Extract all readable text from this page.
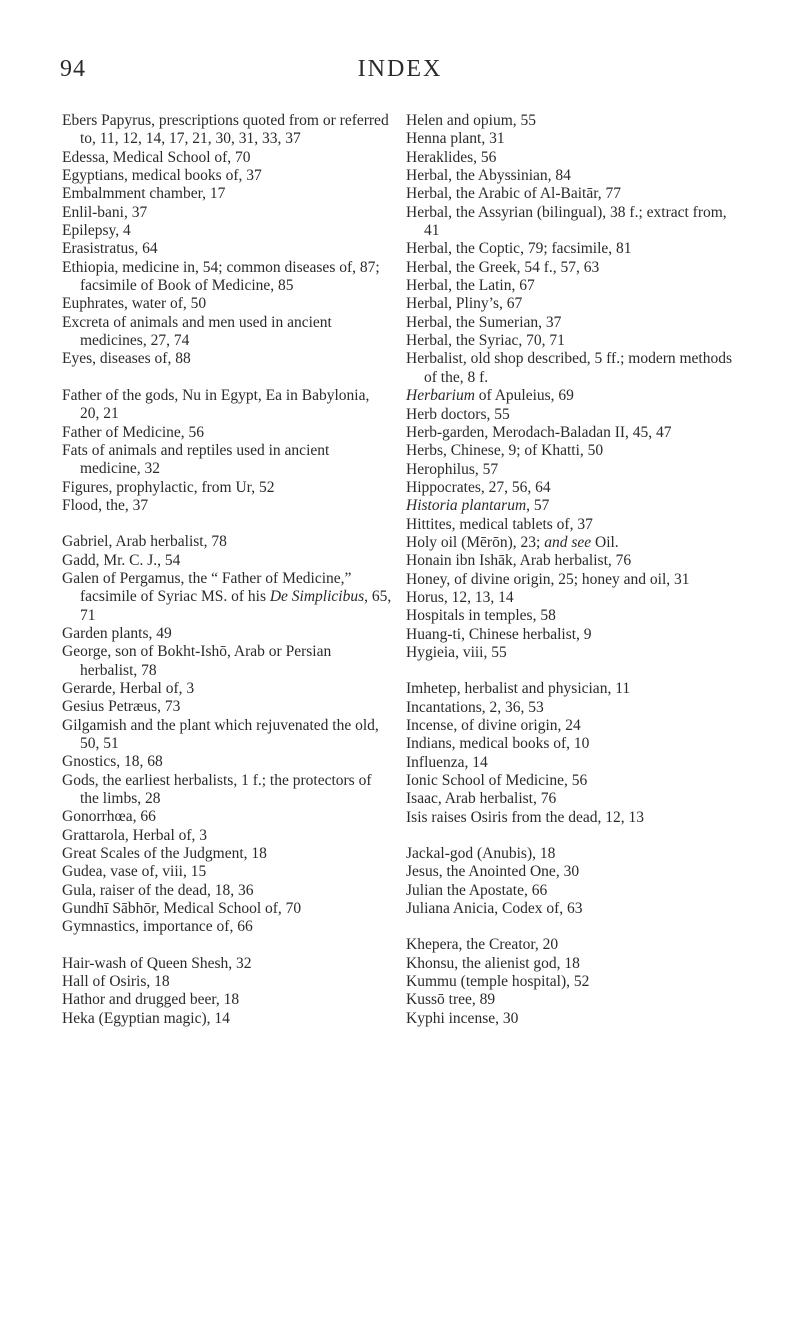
94	INDEX
Ebers Papyrus, prescriptions quoted from or referred to, 11, 12, 14, 17, 21, 30, 31, 33, 37
Edessa, Medical School of, 70
Egyptians, medical books of, 37
Embalmment chamber, 17
Enlil-bani, 37
Epilepsy, 4
Erasistratus, 64
Ethiopia, medicine in, 54; common diseases of, 87; facsimile of Book of Medicine, 85
Euphrates, water of, 50
Excreta of animals and men used in ancient medicines, 27, 74
Eyes, diseases of, 88
Father of the gods, Nu in Egypt, Ea in Babylonia, 20, 21
Father of Medicine, 56
Fats of animals and reptiles used in ancient medicine, 32
Figures, prophylactic, from Ur, 52
Flood, the, 37
Gabriel, Arab herbalist, 78
Gadd, Mr. C. J., 54
Galen of Pergamus, the “ Father of Medicine,” facsimile of Syriac MS. of his De Simplicibus, 65, 71
Garden plants, 49
George, son of Bokht-Ishō, Arab or Persian herbalist, 78
Gerarde, Herbal of, 3
Gesius Petræus, 73
Gilgamish and the plant which rejuvenated the old, 50, 51
Gnostics, 18, 68
Gods, the earliest herbalists, 1 f.; the protectors of the limbs, 28
Gonorrhœa, 66
Grattarola, Herbal of, 3
Great Scales of the Judgment, 18
Gudea, vase of, viii, 15
Gula, raiser of the dead, 18, 36
Gundhī Sābhōr, Medical School of, 70
Gymnastics, importance of, 66
Hair-wash of Queen Shesh, 32
Hall of Osiris, 18
Hathor and drugged beer, 18
Heka (Egyptian magic), 14
Helen and opium, 55
Henna plant, 31
Heraklides, 56
Herbal, the Abyssinian, 84
Herbal, the Arabic of Al-Baitār, 77
Herbal, the Assyrian (bilingual), 38 f.; extract from, 41
Herbal, the Coptic, 79; facsimile, 81
Herbal, the Greek, 54 f., 57, 63
Herbal, the Latin, 67
Herbal, Pliny’s, 67
Herbal, the Sumerian, 37
Herbal, the Syriac, 70, 71
Herbalist, old shop described, 5 ff.; modern methods of the, 8 f.
Herbarium of Apuleius, 69
Herb doctors, 55
Herb-garden, Merodach-Baladan II, 45, 47
Herbs, Chinese, 9; of Khatti, 50
Herophilus, 57
Hippocrates, 27, 56, 64
Historia plantarum, 57
Hittites, medical tablets of, 37
Holy oil (Mērōn), 23; and see Oil.
Honain ibn Ishāk, Arab herbalist, 76
Honey, of divine origin, 25; honey and oil, 31
Horus, 12, 13, 14
Hospitals in temples, 58
Huang-ti, Chinese herbalist, 9
Hygieia, viii, 55
Imhetep, herbalist and physician, 11
Incantations, 2, 36, 53
Incense, of divine origin, 24
Indians, medical books of, 10
Influenza, 14
Ionic School of Medicine, 56
Isaac, Arab herbalist, 76
Isis raises Osiris from the dead, 12, 13
Jackal-god (Anubis), 18
Jesus, the Anointed One, 30
Julian the Apostate, 66
Juliana Anicia, Codex of, 63
Khepera, the Creator, 20
Khonsu, the alienist god, 18
Kummu (temple hospital), 52
Kussō tree, 89
Kyphi incense, 30
